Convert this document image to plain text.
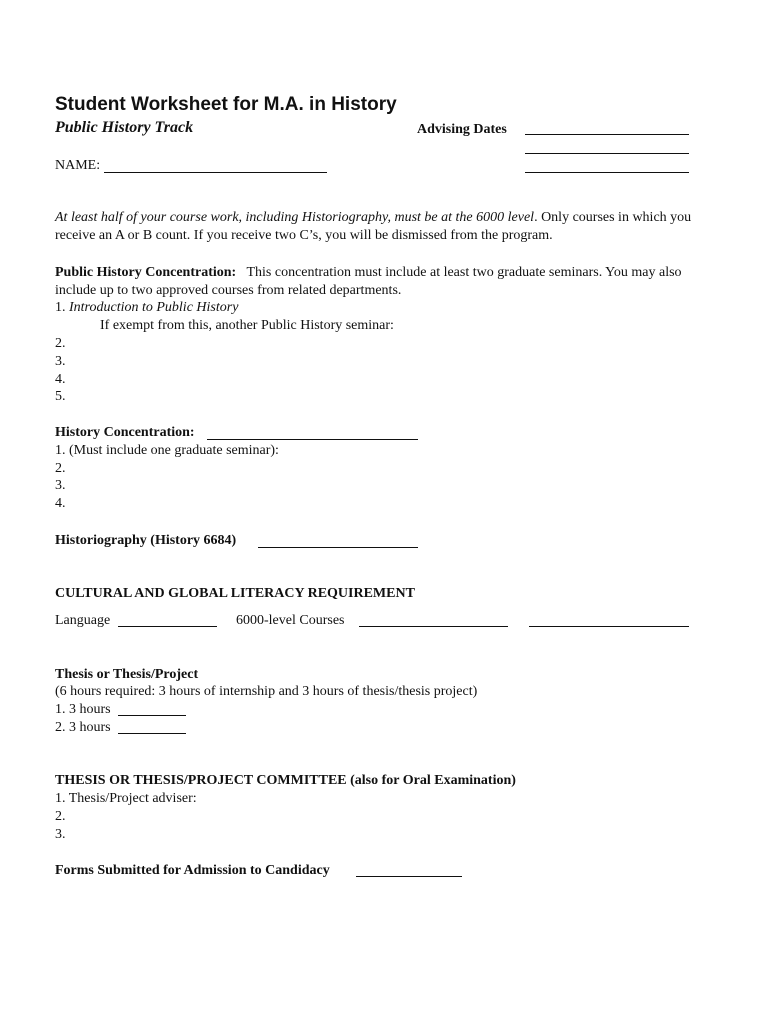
Student Worksheet for M.A. in History
Public History Track	Advising Dates
NAME:
At least half of your course work, including Historiography, must be at the 6000 level. Only courses in which you receive an A or B count. If you receive two C’s, you will be dismissed from the program.
Public History Concentration: This concentration must include at least two graduate seminars. You may also include up to two approved courses from related departments.
1. Introduction to Public History
If exempt from this, another Public History seminar:
2.
3.
4.
5.
History Concentration:
1. (Must include one graduate seminar):
2.
3.
4.
Historiography (History 6684)
CULTURAL AND GLOBAL LITERACY REQUIREMENT
Language	6000-level Courses
Thesis or Thesis/Project
(6 hours required: 3 hours of internship and 3 hours of thesis/thesis project)
1. 3 hours
2. 3 hours
THESIS OR THESIS/PROJECT COMMITTEE (also for Oral Examination)
1. Thesis/Project adviser:
2.
3.
Forms Submitted for Admission to Candidacy
